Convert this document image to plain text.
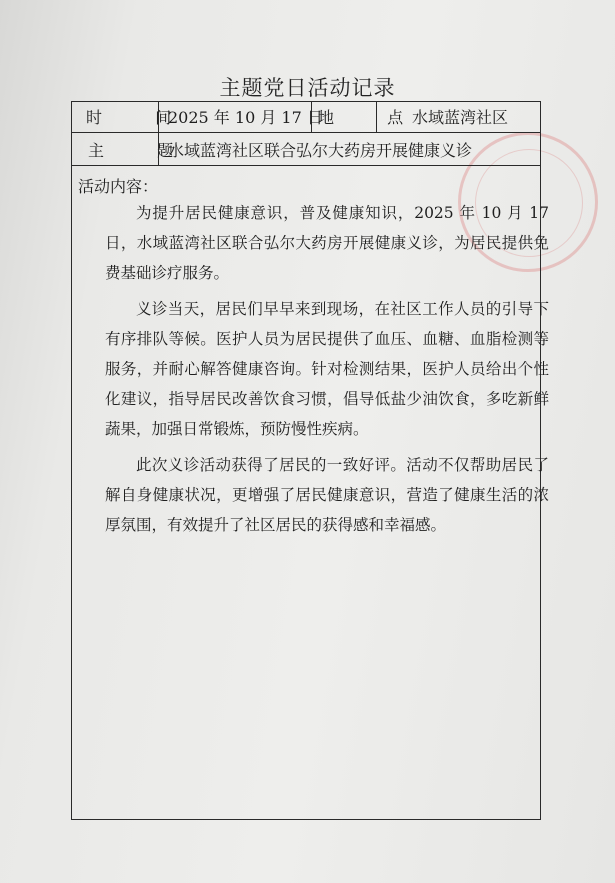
主题党日活动记录
时 间
2025 年 10 月 17 日
地 点
水域蓝湾社区
主 题
水域蓝湾社区联合弘尔大药房开展健康义诊
活动内容：

为提升居民健康意识，普及健康知识，2025 年 10 月 17 日，水域蓝湾社区联合弘尔大药房开展健康义诊，为居民提供免费基础诊疗服务。

义诊当天，居民们早早来到现场，在社区工作人员的引导下有序排队等候。医护人员为居民提供了血压、血糖、血脂检测等服务，并耐心解答健康咨询。针对检测结果，医护人员给出个性化建议，指导居民改善饮食习惯，倡导低盐少油饮食，多吃新鲜蔬果，加强日常锻炼，预防慢性疾病。

此次义诊活动获得了居民的一致好评。活动不仅帮助居民了解自身健康状况，更增强了居民健康意识，营造了健康生活的浓厚氛围，有效提升了社区居民的获得感和幸福感。
